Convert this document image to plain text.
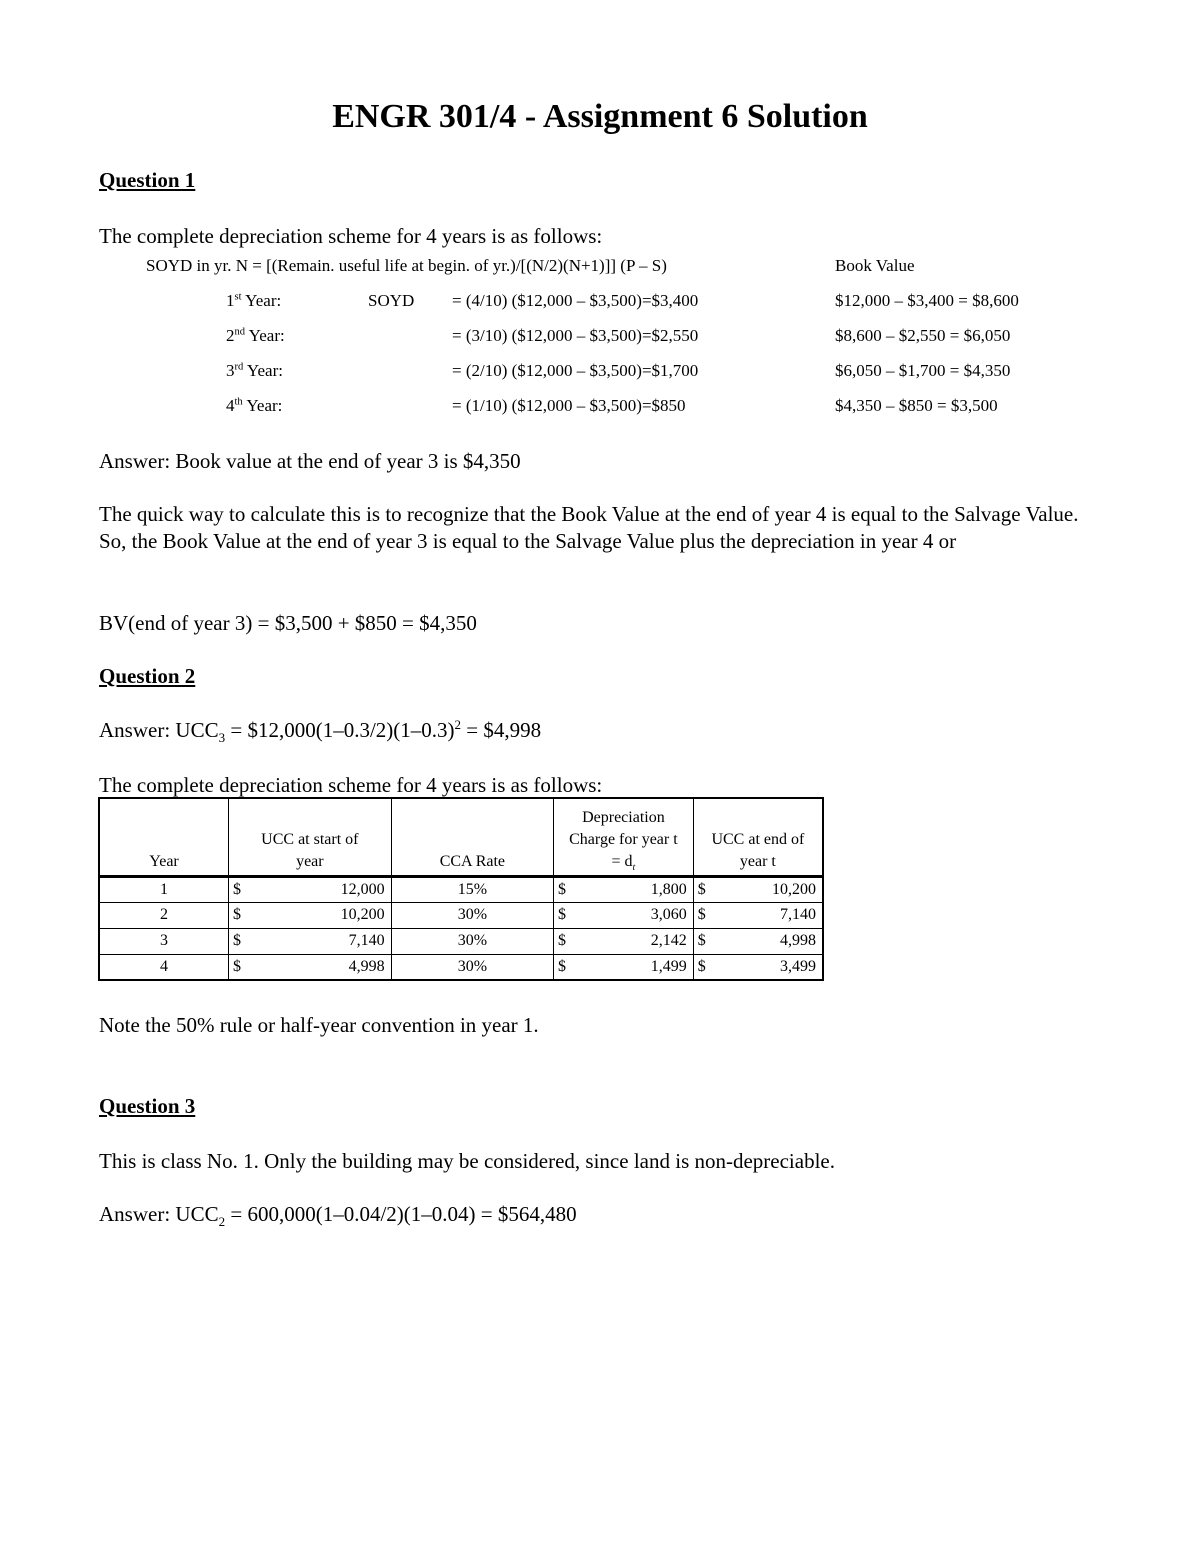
ENGR 301/4 - Assignment 6 Solution
Question 1
The complete depreciation scheme for 4 years is as follows:
SOYD in yr. N = [(Remain. useful life at begin. of yr.)/[(N/2)(N+1)]] (P – S)	Book Value
1st Year:	SOYD = (4/10) ($12,000 – $3,500)=$3,400	$12,000 – $3,400 = $8,600
2nd Year:	= (3/10) ($12,000 – $3,500)=$2,550	$8,600 – $2,550 = $6,050
3rd Year:	= (2/10) ($12,000 – $3,500)=$1,700	$6,050 – $1,700 = $4,350
4th Year:	= (1/10) ($12,000 – $3,500)=$850	$4,350 – $850 = $3,500
Answer: Book value at the end of year 3 is $4,350
The quick way to calculate this is to recognize that the Book Value at the end of year 4 is equal to the Salvage Value. So, the Book Value at the end of year 3 is equal to the Salvage Value plus the depreciation in year 4 or
BV(end of year 3) = $3,500 + $850 = $4,350
Question 2
Answer: $UCC_3$ = $\$12,000(1-0.3/2)(1-0.3)^2$ = $4,998
The complete depreciation scheme for 4 years is as follows:
Year	UCC at start of year	CCA Rate	Depreciation
Charge for year t
= $d_t$	UCC at end of year t
1	$ 12,000	15%	$ 1,800	$ 10,200

2	$ 10,200	30%	$ 3,060	$ 7,140

3	$ 7,140	30%	$ 2,142	$ 4,998

4	$ 4,998	30%	$ 1,499	$ 3,499
Note the 50% rule or half-year convention in year 1.
Question 3
This is class No. 1. Only the building may be considered, since land is non-depreciable.
Answer: $UCC_2 = 600,000(1-0.04/2)(1-0.04)$ = $564,480
